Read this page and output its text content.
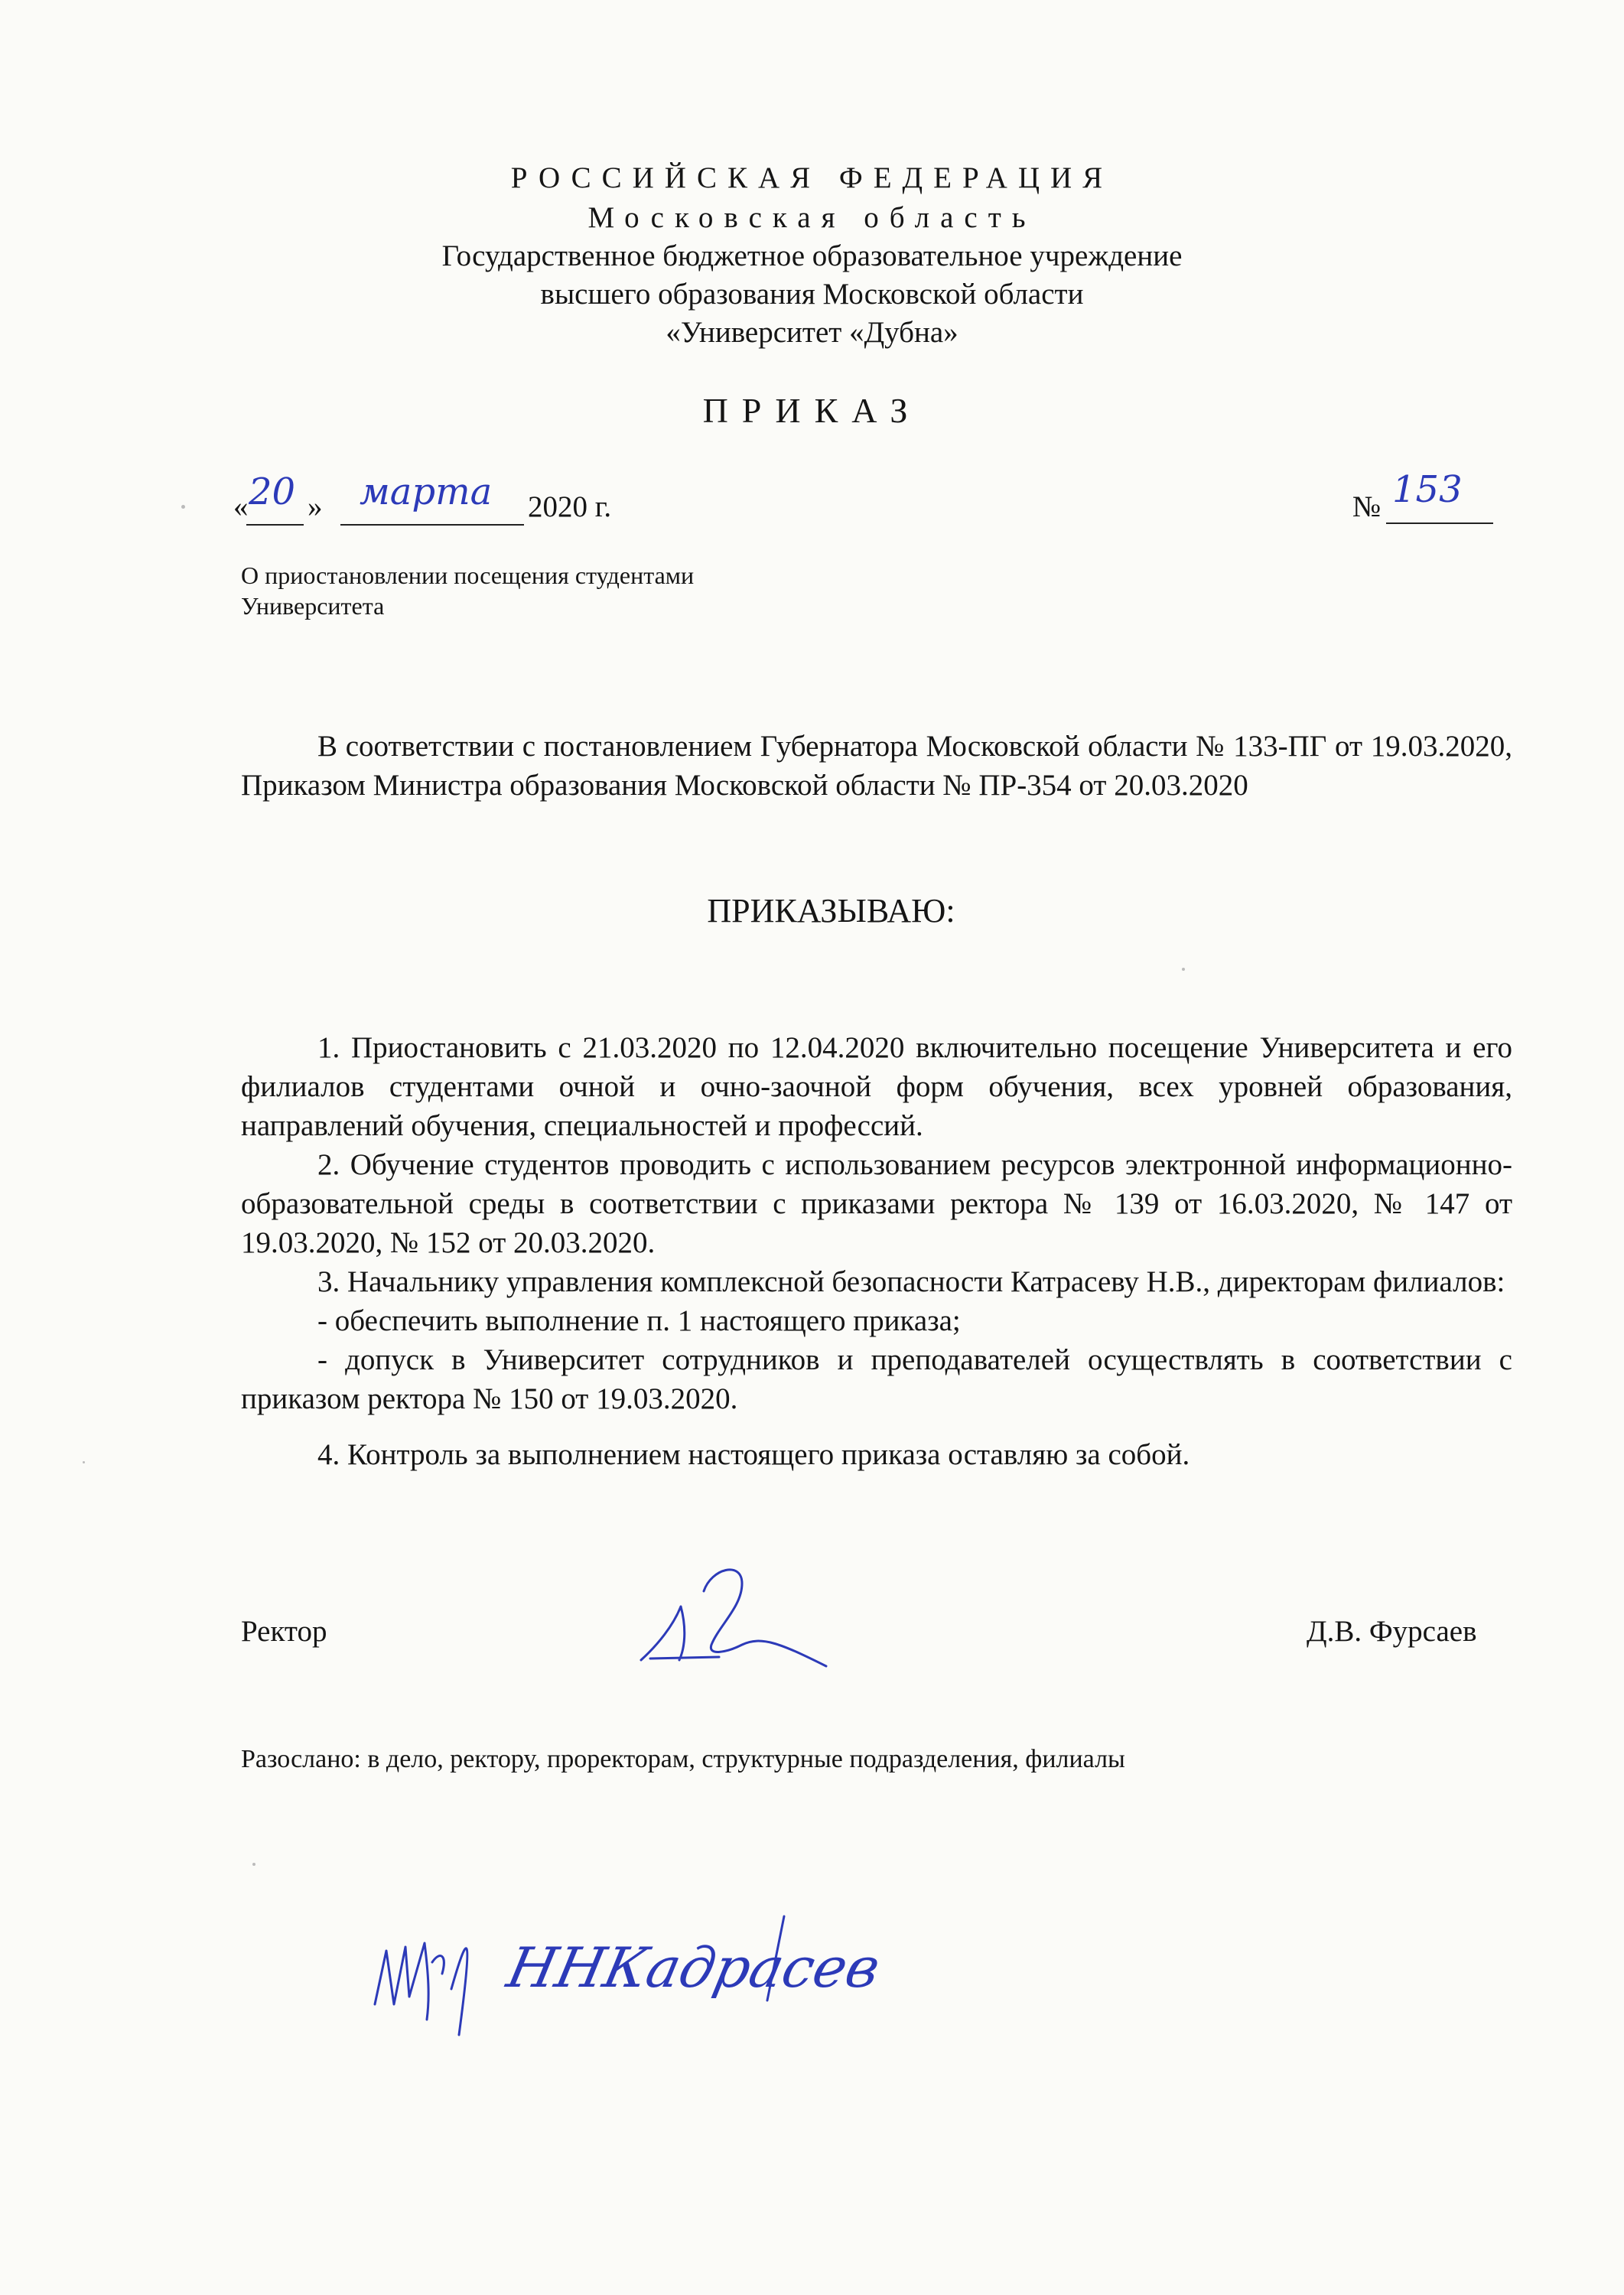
РОССИЙСКАЯ ФЕДЕРАЦИЯ
Московская область
Государственное бюджетное образовательное учреждение
высшего образования Московской области
«Университет «Дубна»
ПРИКАЗ
« 20 » марта 2020 г.	№ 153
О приостановлении посещения студентами
Университета

В соответствии с постановлением Губернатора Московской области № 133-ПГ от 19.03.2020, Приказом Министра образования Московской области № ПР-354 от 20.03.2020

ПРИКАЗЫВАЮ:

1. Приостановить с 21.03.2020 по 12.04.2020 включительно посещение Университета и его филиалов студентами очной и очно-заочной форм обучения, всех уровней образования, направлений обучения, специальностей и профессий.

2. Обучение студентов проводить с использованием ресурсов электронной информационно-образовательной среды в соответствии с приказами ректора № 139 от 16.03.2020, № 147 от 19.03.2020, № 152 от 20.03.2020.

3. Начальнику управления комплексной безопасности Катрасеву Н.В., директорам филиалов:

- обеспечить выполнение п. 1 настоящего приказа;

- допуск в Университет сотрудников и преподавателей осуществлять в соответствии с приказом ректора № 150 от 19.03.2020.

4. Контроль за выполнением настоящего приказа оставляю за собой.

Ректор	Д.В. Фурсаев
Разослано: в дело, ректору, проректорам, структурные подразделения, филиалы
ННКадрасев
